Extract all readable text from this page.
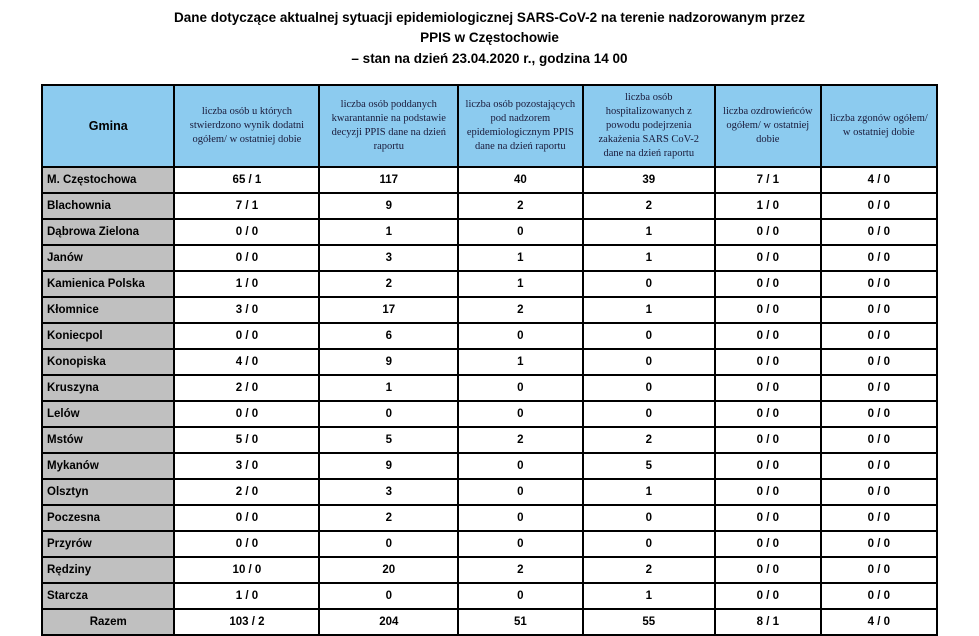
Dane dotyczące aktualnej sytuacji epidemiologicznej SARS-CoV-2 na terenie nadzorowanym przez
PPIS w Częstochowie
– stan na dzień 23.04.2020 r., godzina 14 00
Gmina	liczba osób u których stwierdzono wynik dodatni ogółem/ w ostatniej dobie	liczba osób poddanych kwarantannie na podstawie decyzji PPIS dane na dzień raportu	liczba osób pozostających pod nadzorem epidemiologicznym PPIS dane na dzień raportu	liczba osób hospitalizowanych z powodu podejrzenia zakażenia SARS CoV-2 dane na dzień raportu	liczba ozdrowieńców ogółem/ w ostatniej dobie	liczba zgonów ogółem/ w ostatniej dobie
M. Częstochowa	65 / 1	117	40	39	7 / 1	4 / 0
Blachownia	7 / 1	9	2	2	1 / 0	0 / 0
Dąbrowa Zielona	0 / 0	1	0	1	0 / 0	0 / 0
Janów	0 / 0	3	1	1	0 / 0	0 / 0
Kamienica Polska	1 / 0	2	1	0	0 / 0	0 / 0
Kłomnice	3 / 0	17	2	1	0 / 0	0 / 0
Koniecpol	0 / 0	6	0	0	0 / 0	0 / 0
Konopiska	4 / 0	9	1	0	0 / 0	0 / 0
Kruszyna	2 / 0	1	0	0	0 / 0	0 / 0
Lelów	0 / 0	0	0	0	0 / 0	0 / 0
Mstów	5 / 0	5	2	2	0 / 0	0 / 0
Mykanów	3 / 0	9	0	5	0 / 0	0 / 0
Olsztyn	2 / 0	3	0	1	0 / 0	0 / 0
Poczesna	0 / 0	2	0	0	0 / 0	0 / 0
Przyrów	0 / 0	0	0	0	0 / 0	0 / 0
Rędziny	10 / 0	20	2	2	0 / 0	0 / 0
Starcza	1 / 0	0	0	1	0 / 0	0 / 0
Razem	103 / 2	204	51	55	8 / 1	4 / 0
